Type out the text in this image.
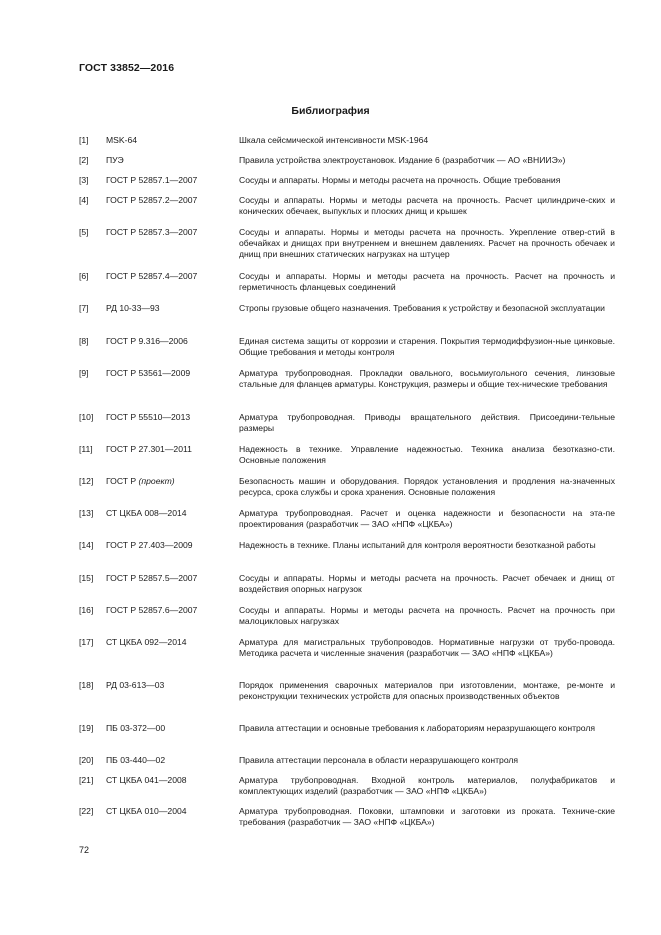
ГОСТ 33852—2016
Библиография
[1] MSK-64	Шкала сейсмической интенсивности MSK-1964
[2] ПУЭ	Правила устройства электроустановок. Издание 6 (разработчик — АО «ВНИИЭ»)
[3] ГОСТ Р 52857.1—2007	Сосуды и аппараты. Нормы и методы расчета на прочность. Общие требования
[4] ГОСТ Р 52857.2—2007	Сосуды и аппараты. Нормы и методы расчета на прочность. Расчет цилиндриче-ских и конических обечаек, выпуклых и плоских днищ и крышек
[5] ГОСТ Р 52857.3—2007	Сосуды и аппараты. Нормы и методы расчета на прочность. Укрепление отвер-стий в обечайках и днищах при внутреннем и внешнем давлениях. Расчет на прочность обечаек и днищ при внешних статических нагрузках на штуцер
[6] ГОСТ Р 52857.4—2007	Сосуды и аппараты. Нормы и методы расчета на прочность. Расчет на прочность и герметичность фланцевых соединений
[7] РД 10-33—93	Стропы грузовые общего назначения. Требования к устройству и безопасной эксплуатации
[8] ГОСТ Р 9.316—2006	Единая система защиты от коррозии и старения. Покрытия термодиффузион-ные цинковые. Общие требования и методы контроля
[9] ГОСТ Р 53561—2009	Арматура трубопроводная. Прокладки овального, восьмиугольного сечения, линзовые стальные для фланцев арматуры. Конструкция, размеры и общие тех-нические требования
[10] ГОСТ Р 55510—2013	Арматура трубопроводная. Приводы вращательного действия. Присоедини-тельные размеры
[11] ГОСТ Р 27.301—2011	Надежность в технике. Управление надежностью. Техника анализа безотказно-сти. Основные положения
[12] ГОСТ Р (проект)	Безопасность машин и оборудования. Порядок установления и продления на-значенных ресурса, срока службы и срока хранения. Основные положения
[13] СТ ЦКБА 008—2014	Арматура трубопроводная. Расчет и оценка надежности и безопасности на эта-пе проектирования (разработчик — ЗАО «НПФ «ЦКБА»)
[14] ГОСТ Р 27.403—2009	Надежность в технике. Планы испытаний для контроля вероятности безотказной работы
[15] ГОСТ Р 52857.5—2007	Сосуды и аппараты. Нормы и методы расчета на прочность. Расчет обечаек и днищ от воздействия опорных нагрузок
[16] ГОСТ Р 52857.6—2007	Сосуды и аппараты. Нормы и методы расчета на прочность. Расчет на прочность при малоцикловых нагрузках
[17] СТ ЦКБА 092—2014	Арматура для магистральных трубопроводов. Нормативные нагрузки от трубо-провода. Методика расчета и численные значения (разработчик — ЗАО «НПФ «ЦКБА»)
[18] РД 03-613—03	Порядок применения сварочных материалов при изготовлении, монтаже, ре-монте и реконструкции технических устройств для опасных производственных объектов
[19] ПБ 03-372—00	Правила аттестации и основные требования к лабораториям неразрушающего контроля
[20] ПБ 03-440—02	Правила аттестации персонала в области неразрушающего контроля
[21] СТ ЦКБА 041—2008	Арматура трубопроводная. Входной контроль материалов, полуфабрикатов и комплектующих изделий (разработчик — ЗАО «НПФ «ЦКБА»)
[22] СТ ЦКБА 010—2004	Арматура трубопроводная. Поковки, штамповки и заготовки из проката. Техниче-ские требования (разработчик — ЗАО «НПФ «ЦКБА»)
72
